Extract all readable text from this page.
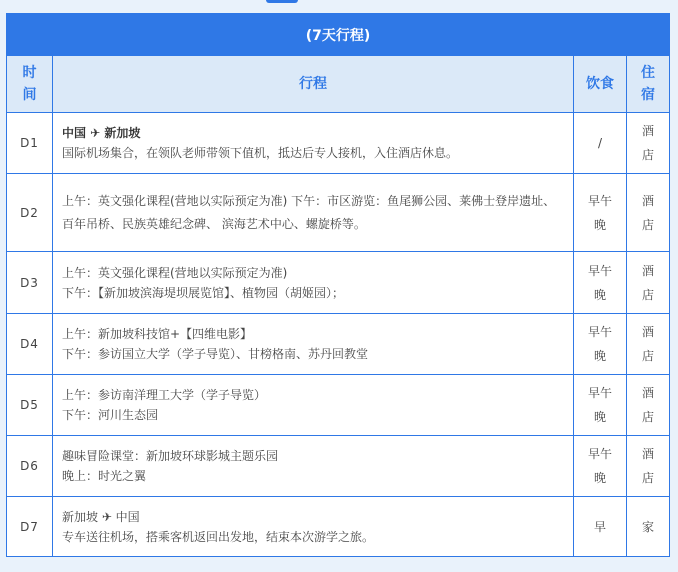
(7天行程)			
时
间	行程	饮食	住
宿
D1	中国 ✈ 新加坡
国际机场集合，在领队老师带领下值机，抵达后专人接机，入住酒店休息。	/	酒店
D2	上午：英文强化课程(营地以实际预定为准) 下午：市区游览：鱼尾狮公园、莱佛士登岸遗址、百年吊桥、民族英雄纪念碑、 滨海艺术中心、螺旋桥等。	早午晚	酒店
D3	上午：英文强化课程(营地以实际预定为准)
下午：【新加坡滨海堤坝展览馆】、植物园（胡姬园）；	早午晚	酒店
D4	上午：新加坡科技馆+【四维电影】
下午：参访国立大学（学子导览）、甘榜格南、苏丹回教堂	早午晚	酒店
D5	上午：参访南洋理工大学（学子导览）
下午：河川生态园	早午晚	酒店
D6	趣味冒险课堂：新加坡环球影城主题乐园
晚上：时光之翼	早午晚	酒店
D7	新加坡 ✈ 中国
专车送往机场，搭乘客机返回出发地，结束本次游学之旅。	早	家
